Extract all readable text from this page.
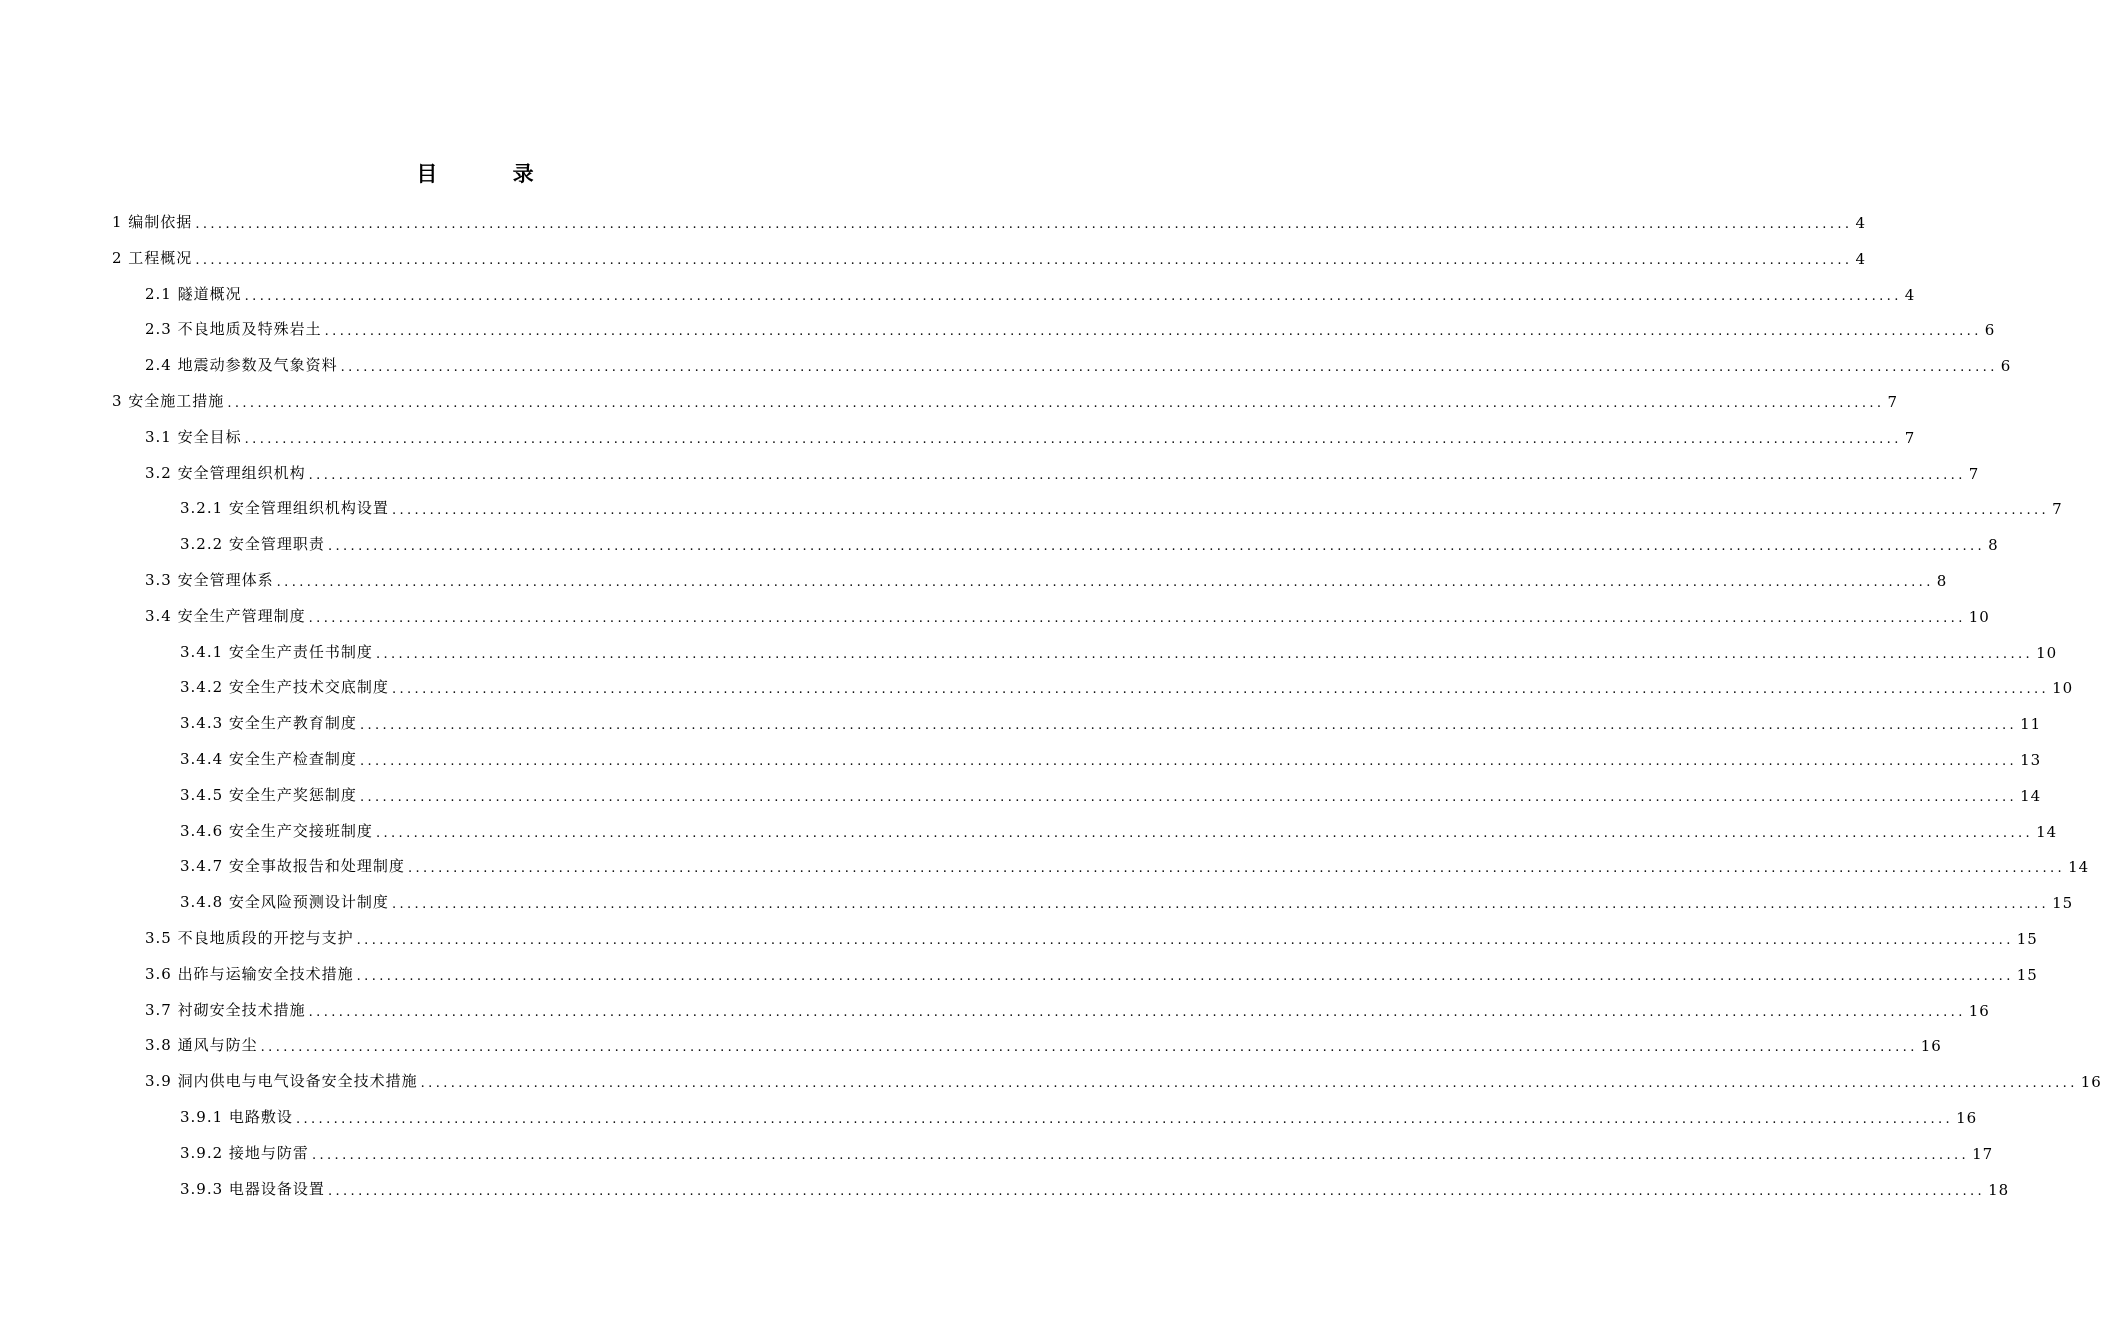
目 录
1 编制依据 ............................................................................................................................................................................................................................ 4
2 工程概况 ............................................................................................................................................................................................................................ 4
2.1 隧道概况 ............................................................................................................................................................................................................................ 4
2.3 不良地质及特殊岩土 ............................................................................................................................................................................................................................ 6
2.4 地震动参数及气象资料 ............................................................................................................................................................................................................................ 6
3 安全施工措施 ............................................................................................................................................................................................................................ 7
3.1 安全目标 ............................................................................................................................................................................................................................ 7
3.2 安全管理组织机构 ............................................................................................................................................................................................................................ 7
3.2.1 安全管理组织机构设置 ............................................................................................................................................................................................................................ 7
3.2.2 安全管理职责 ............................................................................................................................................................................................................................ 8
3.3 安全管理体系 ............................................................................................................................................................................................................................ 8
3.4 安全生产管理制度 ............................................................................................................................................................................................................................ 10
3.4.1 安全生产责任书制度 ............................................................................................................................................................................................................................ 10
3.4.2 安全生产技术交底制度 ............................................................................................................................................................................................................................ 10
3.4.3 安全生产教育制度 ............................................................................................................................................................................................................................ 11
3.4.4 安全生产检查制度 ............................................................................................................................................................................................................................ 13
3.4.5 安全生产奖惩制度 ............................................................................................................................................................................................................................ 14
3.4.6 安全生产交接班制度 ............................................................................................................................................................................................................................ 14
3.4.7 安全事故报告和处理制度 ............................................................................................................................................................................................................................ 14
3.4.8 安全风险预测设计制度 ............................................................................................................................................................................................................................ 15
3.5 不良地质段的开挖与支护 ............................................................................................................................................................................................................................ 15
3.6 出砟与运输安全技术措施 ............................................................................................................................................................................................................................ 15
3.7 衬砌安全技术措施 ............................................................................................................................................................................................................................ 16
3.8 通风与防尘 ............................................................................................................................................................................................................................ 16
3.9 洞内供电与电气设备安全技术措施 ............................................................................................................................................................................................................................ 16
3.9.1 电路敷设 ............................................................................................................................................................................................................................ 16
3.9.2 接地与防雷 ............................................................................................................................................................................................................................ 17
3.9.3 电器设备设置 ............................................................................................................................................................................................................................ 18
